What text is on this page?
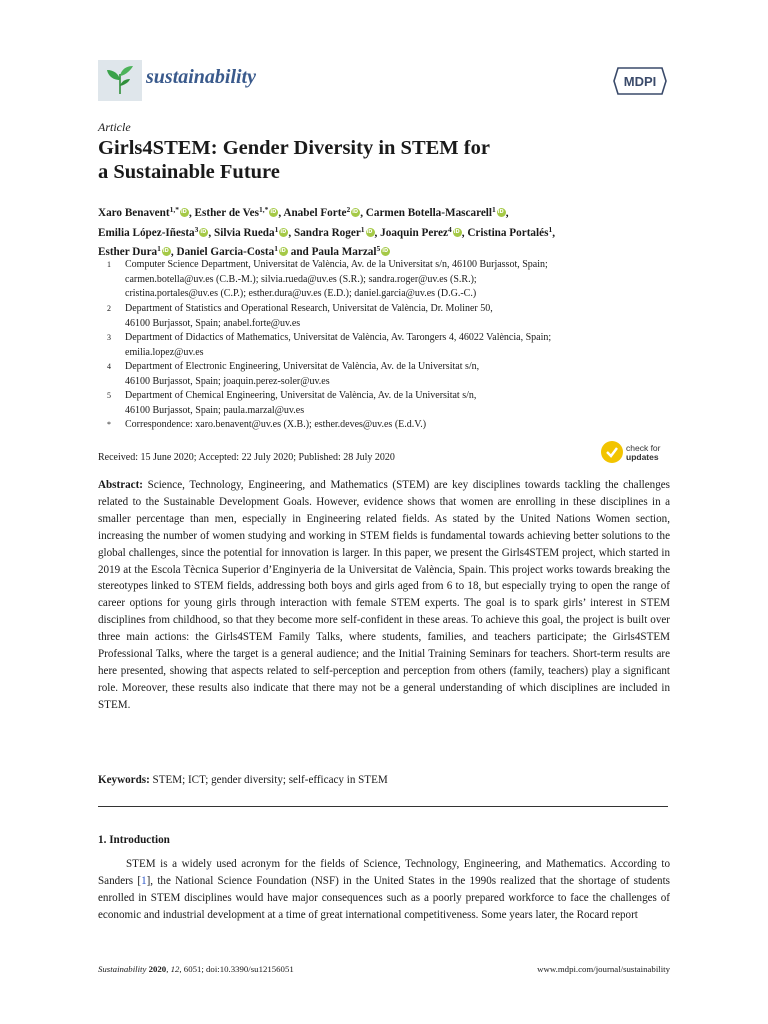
sustainability	MDPI
Article
Girls4STEM: Gender Diversity in STEM for
a Sustainable Future
Xaro Benavent$^{1,*}$ iD , Esther de Ves$^{1,*}$ iD , Anabel Forte$^2$ iD , Carmen Botella-Mascarell$^1$ iD ,
Emilia López-Iñesta$^3$ iD , Silvia Rueda$^1$ iD , Sandra Roger$^1$ iD , Joaquin Perez$^4$ iD , Cristina Portalés$^1$,
Esther Dura$^1$ iD , Daniel Garcia-Costa$^1$iD and Paula Marzal$^5$iD
1 Computer Science Department, Universitat de València, Av. de la Universitat s/n, 46100 Burjassot, Spain;
carmen.botella@uv.es (C.B.-M.); silvia.rueda@uv.es (S.R.); sandra.roger@uv.es (S.R.);
cristina.portales@uv.es (C.P.); esther.dura@uv.es (E.D.); daniel.garcia@uv.es (D.G.-C.)
2 Department of Statistics and Operational Research, Universitat de València, Dr. Moliner 50,
46100 Burjassot, Spain; anabel.forte@uv.es
3 Department of Didactics of Mathematics, Universitat de València, Av. Tarongers 4, 46022 València, Spain;
emilia.lopez@uv.es
4 Department of Electronic Engineering, Universitat de València, Av. de la Universitat s/n,
46100 Burjassot, Spain; joaquin.perez-soler@uv.es
5 Department of Chemical Engineering, Universitat de València, Av. de la Universitat s/n,
46100 Burjassot, Spain; paula.marzal@uv.es
* Correspondence: xaro.benavent@uv.es (X.B.); esther.deves@uv.es (E.d.V.)
Received: 15 June 2020; Accepted: 22 July 2020; Published: 28 July 2020
check for
updates
Abstract: Science, Technology, Engineering, and Mathematics (STEM) are key disciplines towards tackling the challenges related to the Sustainable Development Goals. However, evidence shows that women are enrolling in these disciplines in a smaller percentage than men, especially in Engineering related fields. As stated by the United Nations Women section, increasing the number of women studying and working in STEM fields is fundamental towards achieving better solutions to the global challenges, since the potential for innovation is larger. In this paper, we present the Girls4STEM project, which started in 2019 at the Escola Tècnica Superior d’Enginyeria de la Universitat de València, Spain. This project works towards breaking the stereotypes linked to STEM fields, addressing both boys and girls aged from 6 to 18, but especially trying to open the range of career options for young girls through interaction with female STEM experts. The goal is to spark girls’ interest in STEM disciplines from childhood, so that they become more self-confident in these areas. To achieve this goal, the project is built over three main actions: the Girls4STEM Family Talks, where students, families, and teachers participate; the Girls4STEM Professional Talks, where the target is a general audience; and the Initial Training Seminars for teachers. Short-term results are here presented, showing that aspects related to self-perception and perception from others (family, teachers) play a significant role. Moreover, these results also indicate that there may not be a general understanding of which disciplines are included in STEM.
Keywords: STEM; ICT; gender diversity; self-efficacy in STEM
1. Introduction
STEM is a widely used acronym for the fields of Science, Technology, Engineering, and Mathematics. According to Sanders [1], the National Science Foundation (NSF) in the United States in the 1990s realized that the shortage of students enrolled in STEM disciplines would have major consequences such as a poorly prepared workforce to face the challenges of economic and industrial development at a time of great international competitiveness. Some years later, the Rocard report
Sustainability 2020, 12, 6051; doi:10.3390/su12156051	www.mdpi.com/journal/sustainability
